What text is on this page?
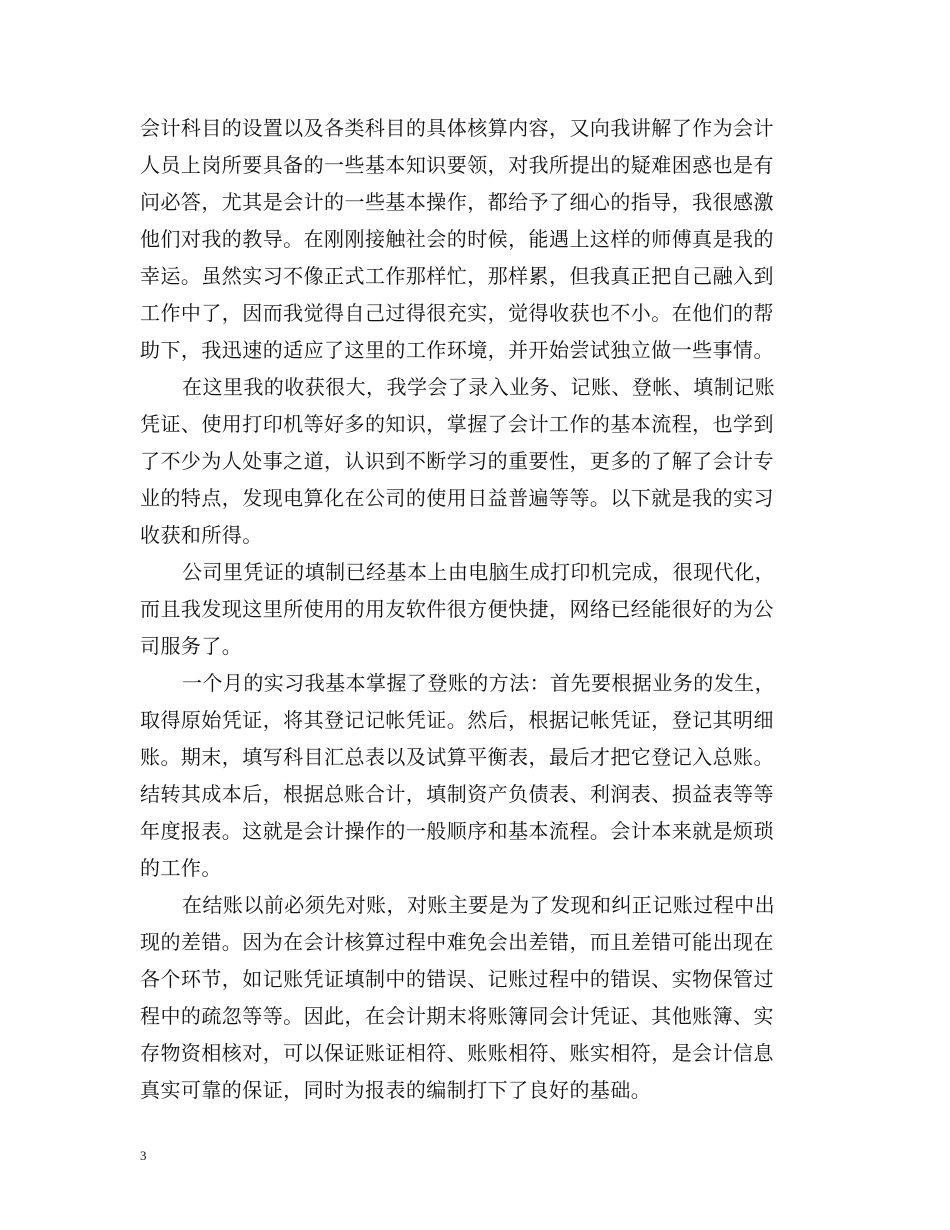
会计科目的设置以及各类科目的具体核算内容，又向我讲解了作为会计
人员上岗所要具备的一些基本知识要领，对我所提出的疑难困惑也是有
问必答，尤其是会计的一些基本操作，都给予了细心的指导，我很感激
他们对我的教导。在刚刚接触社会的时候，能遇上这样的师傅真是我的
幸运。虽然实习不像正式工作那样忙，那样累，但我真正把自己融入到
工作中了，因而我觉得自己过得很充实，觉得收获也不小。在他们的帮
助下，我迅速的适应了这里的工作环境，并开始尝试独立做一些事情。
在这里我的收获很大，我学会了录入业务、记账、登帐、填制记账
凭证、使用打印机等好多的知识，掌握了会计工作的基本流程，也学到
了不少为人处事之道，认识到不断学习的重要性，更多的了解了会计专
业的特点，发现电算化在公司的使用日益普遍等等。以下就是我的实习
收获和所得。
公司里凭证的填制已经基本上由电脑生成打印机完成，很现代化，
而且我发现这里所使用的用友软件很方便快捷，网络已经能很好的为公
司服务了。
一个月的实习我基本掌握了登账的方法：首先要根据业务的发生，
取得原始凭证，将其登记记帐凭证。然后，根据记帐凭证，登记其明细
账。期末，填写科目汇总表以及试算平衡表，最后才把它登记入总账。
结转其成本后，根据总账合计，填制资产负债表、利润表、损益表等等
年度报表。这就是会计操作的一般顺序和基本流程。会计本来就是烦琐
的工作。
在结账以前必须先对账，对账主要是为了发现和纠正记账过程中出
现的差错。因为在会计核算过程中难免会出差错，而且差错可能出现在
各个环节，如记账凭证填制中的错误、记账过程中的错误、实物保管过
程中的疏忽等等。因此，在会计期末将账簿同会计凭证、其他账簿、实
存物资相核对，可以保证账证相符、账账相符、账实相符，是会计信息
真实可靠的保证，同时为报表的编制打下了良好的基础。
3
